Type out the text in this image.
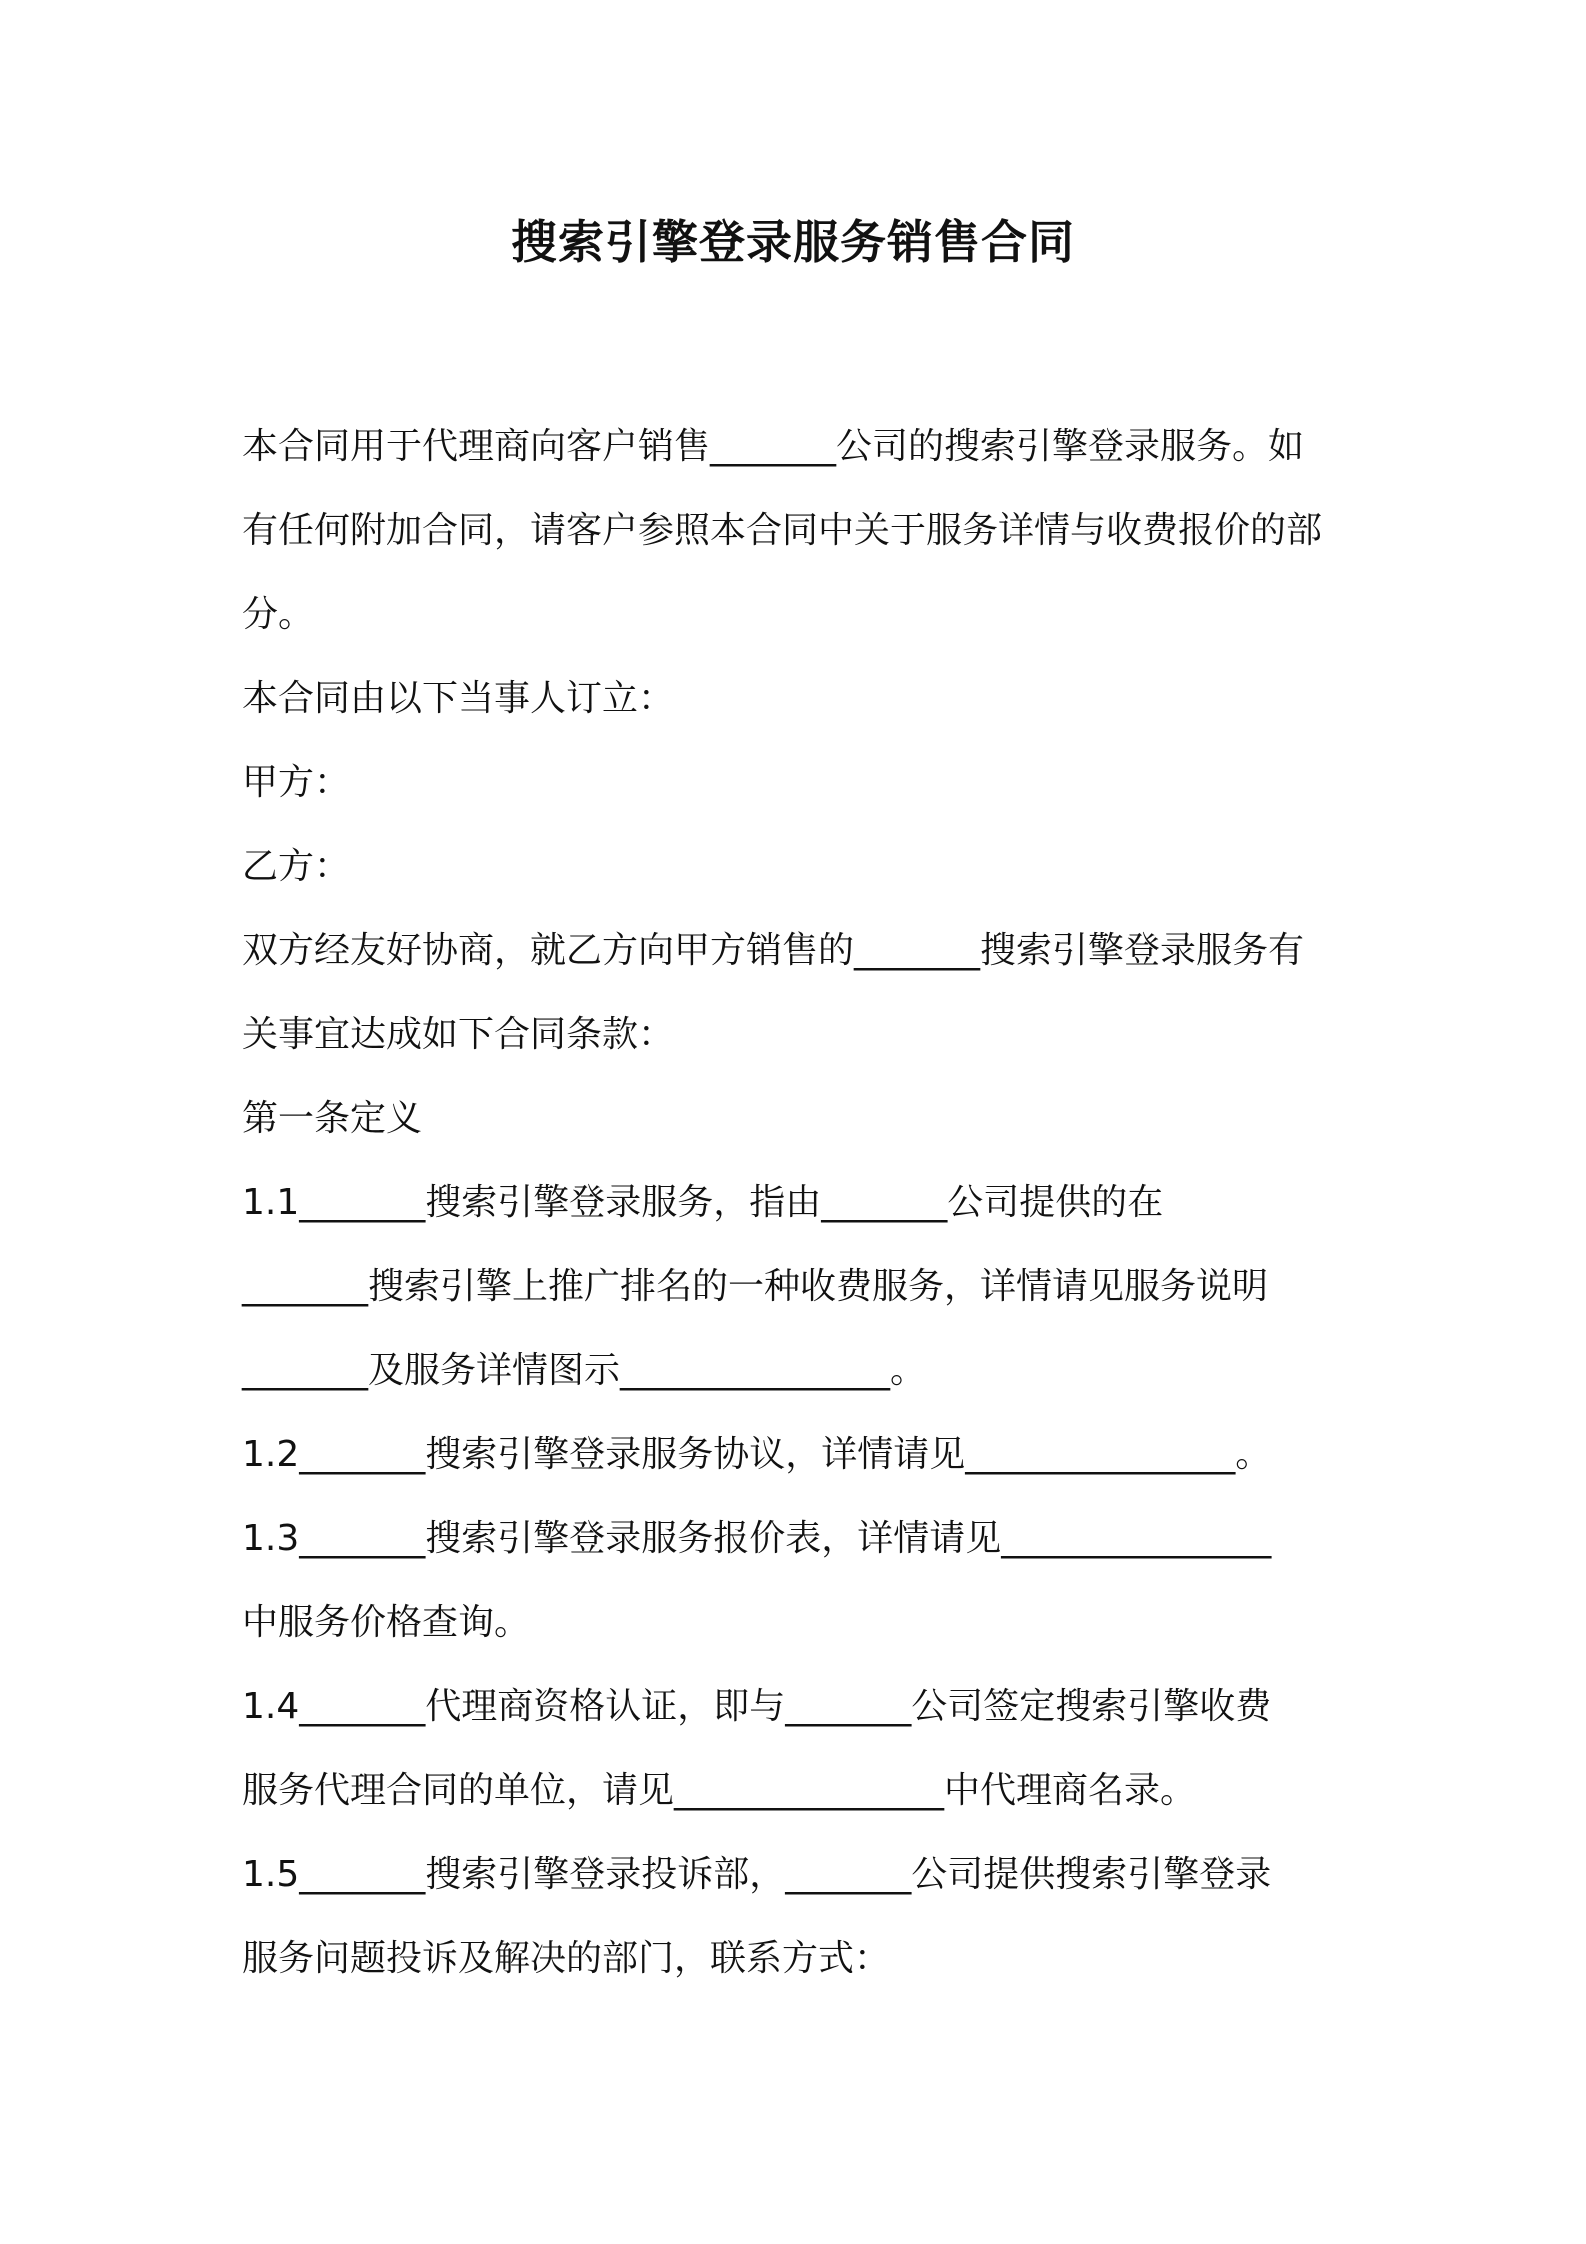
搜索引擎登录服务销售合同

本合同用于代理商向客户销售_______公司的搜索引擎登录服务。如

有任何附加合同，请客户参照本合同中关于服务详情与收费报价的部

分。

本合同由以下当事人订立：

甲方：

乙方：

双方经友好协商，就乙方向甲方销售的_______搜索引擎登录服务有

关事宜达成如下合同条款：

第一条定义

1.1_______搜索引擎登录服务，指由_______公司提供的在

_______搜索引擎上推广排名的一种收费服务，详情请见服务说明

_______及服务详情图示_______________。

1.2_______搜索引擎登录服务协议，详情请见_______________。

1.3_______搜索引擎登录服务报价表，详情请见_______________

中服务价格查询。

1.4_______代理商资格认证，即与_______公司签定搜索引擎收费

服务代理合同的单位，请见_______________中代理商名录。

1.5_______搜索引擎登录投诉部，_______公司提供搜索引擎登录

服务问题投诉及解决的部门，联系方式：
